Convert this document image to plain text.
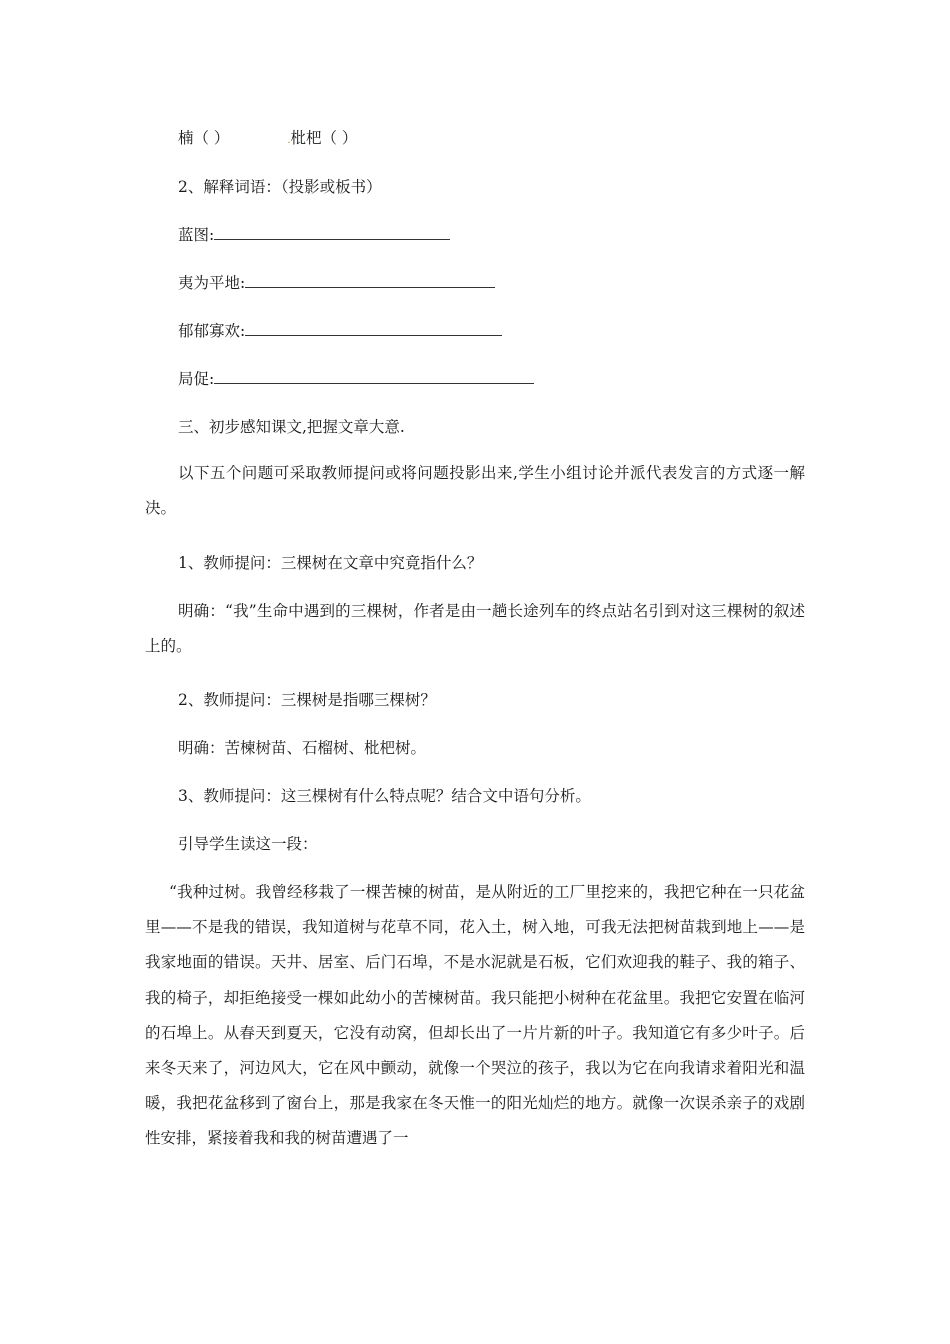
楠（ ）	.枇杷（ ）
2、解释词语：（投影或板书）
蓝图:
夷为平地:
郁郁寡欢:
局促:
三、初步感知课文,把握文章大意.
以下五个问题可采取教师提问或将问题投影出来,学生小组讨论并派代表发言的方式逐一解决。
1、教师提问：三棵树在文章中究竟指什么？
明确：“我”生命中遇到的三棵树，作者是由一趟长途列车的终点站名引到对这三棵树的叙述上的。
2、教师提问：三棵树是指哪三棵树？
明确：苦楝树苗、石榴树、枇杷树。
3、教师提问：这三棵树有什么特点呢？结合文中语句分析。
引导学生读这一段：
“我种过树。我曾经移栽了一棵苦楝的树苗，是从附近的工厂里挖来的，我把它种在一只花盆里——不是我的错误，我知道树与花草不同，花入土，树入地，可我无法把树苗栽到地上——是我家地面的错误。天井、居室、后门石埠，不是水泥就是石板，它们欢迎我的鞋子、我的箱子、我的椅子，却拒绝接受一棵如此幼小的苦楝树苗。我只能把小树种在花盆里。我把它安置在临河的石埠上。从春天到夏天，它没有动窝，但却长出了一片片新的叶子。我知道它有多少叶子。后来冬天来了，河边风大，它在风中颤动，就像一个哭泣的孩子，我以为它在向我请求着阳光和温暖，我把花盆移到了窗台上，那是我家在冬天惟一的阳光灿烂的地方。就像一次误杀亲子的戏剧性安排，紧接着我和我的树苗遭遇了一
